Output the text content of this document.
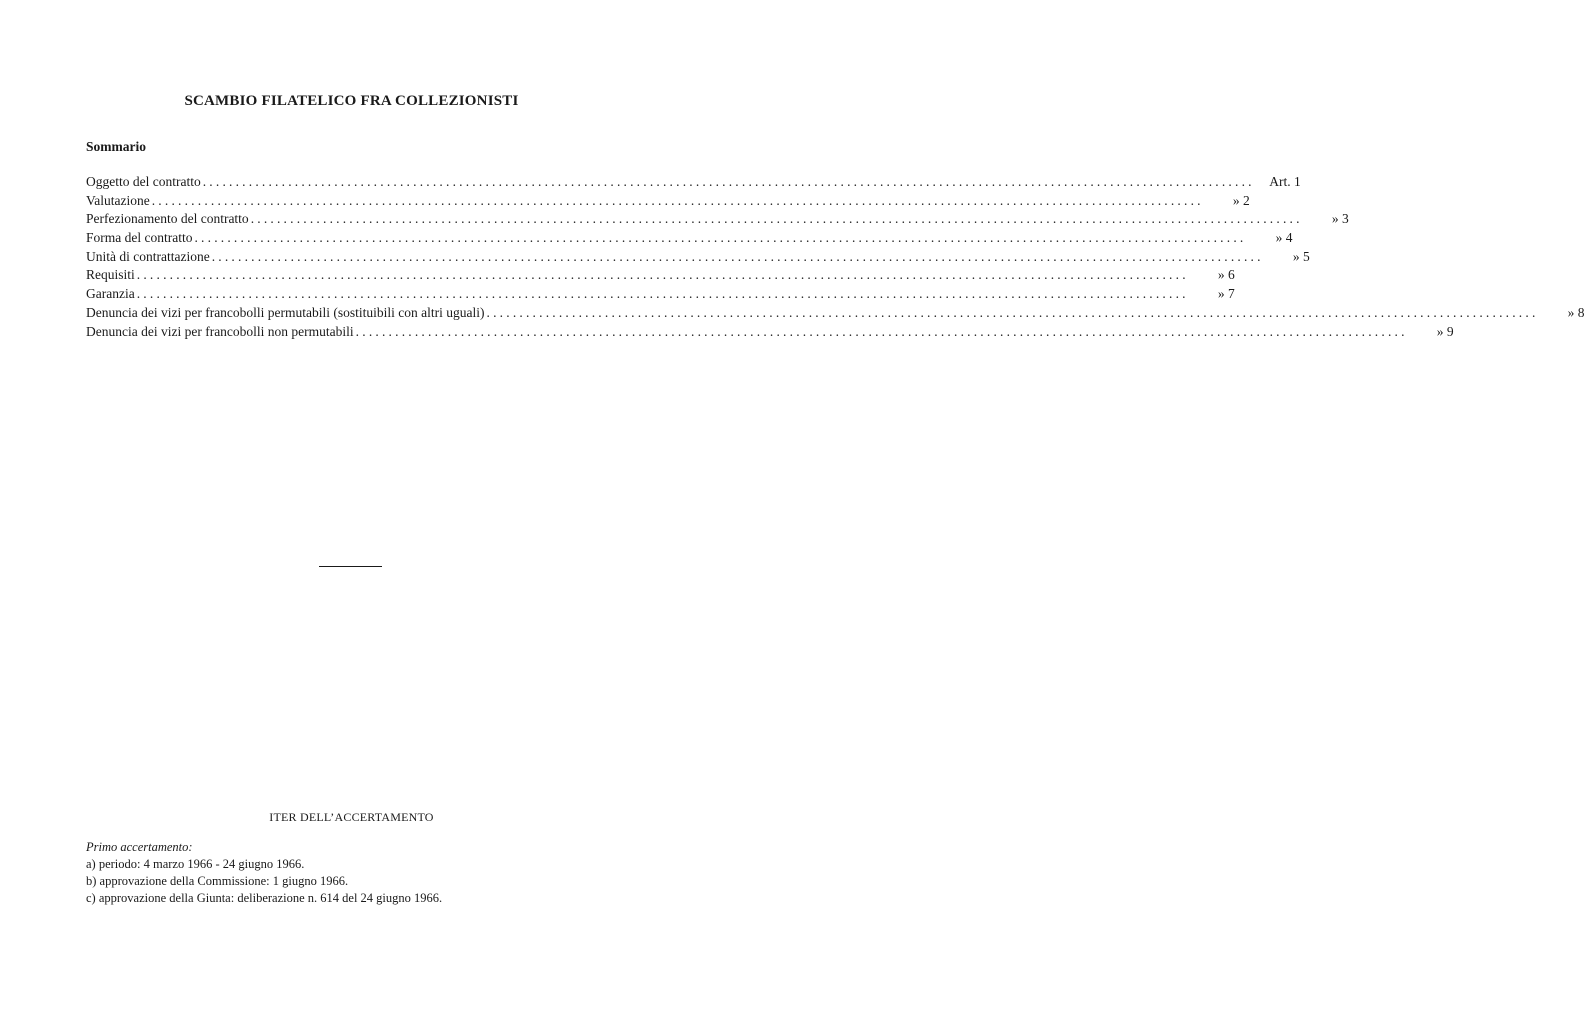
SCAMBIO FILATELICO FRA COLLEZIONISTI
Sommario
Oggetto del contratto ................................................................................................................................................................	Art. 1
Valutazione ................................................................................................................................................................	» 2
Perfezionamento del contratto ................................................................................................................................................................	» 3
Forma del contratto ................................................................................................................................................................	» 4
Unità di contrattazione ................................................................................................................................................................	» 5
Requisiti ................................................................................................................................................................	» 6
Garanzia ................................................................................................................................................................	» 7
Denuncia dei vizi per francobolli permutabili (sostituibili con altri uguali) ................................................................................................................................................................	» 8
Denuncia dei vizi per francobolli non permutabili ................................................................................................................................................................	» 9
ITER DELL’ACCERTAMENTO
Primo accertamento:
a) periodo: 4 marzo 1966 - 24 giugno 1966.
b) approvazione della Commissione: 1 giugno 1966.
c) approvazione della Giunta: deliberazione n. 614 del 24 giugno 1966.
